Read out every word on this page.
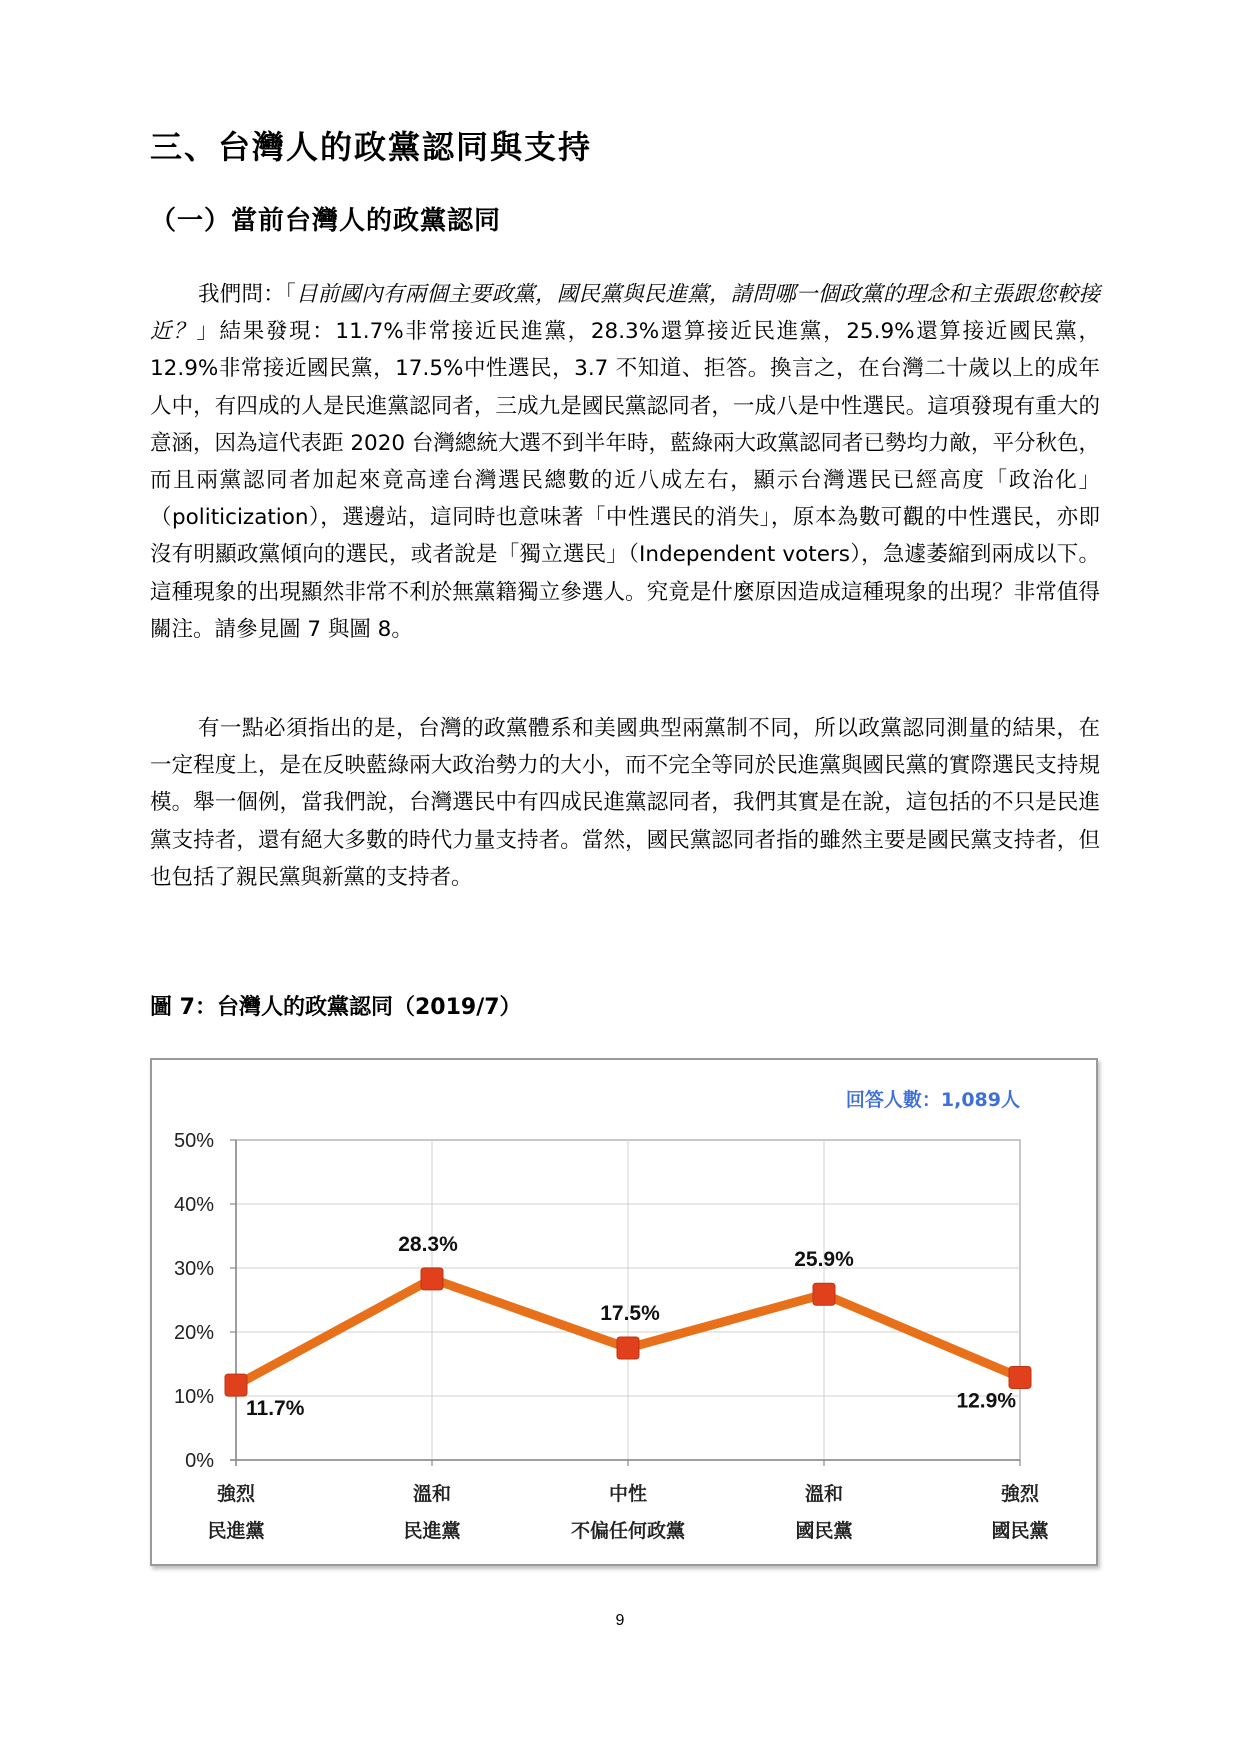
三、台灣人的政黨認同與支持
（一）當前台灣人的政黨認同

我們問：「目前國內有兩個主要政黨，國民黨與民進黨，請問哪一個政黨的理念和主張跟您較接近？」結果發現：11.7%非常接近民進黨，28.3%還算接近民進黨，25.9%還算接近國民黨，12.9%非常接近國民黨，17.5%中性選民，3.7 不知道、拒答。換言之，在台灣二十歲以上的成年人中，有四成的人是民進黨認同者，三成九是國民黨認同者，一成八是中性選民。這項發現有重大的意涵，因為這代表距 2020 台灣總統大選不到半年時，藍綠兩大政黨認同者已勢均力敵，平分秋色，而且兩黨認同者加起來竟高達台灣選民總數的近八成左右，顯示台灣選民已經高度「政治化」（politicization），選邊站，這同時也意味著「中性選民的消失」，原本為數可觀的中性選民，亦即沒有明顯政黨傾向的選民，或者說是「獨立選民」（Independent voters），急遽萎縮到兩成以下。這種現象的出現顯然非常不利於無黨籍獨立參選人。究竟是什麼原因造成這種現象的出現？非常值得關注。請參見圖 7 與圖 8。

有一點必須指出的是，台灣的政黨體系和美國典型兩黨制不同，所以政黨認同測量的結果，在一定程度上，是在反映藍綠兩大政治勢力的大小，而不完全等同於民進黨與國民黨的實際選民支持規模。舉一個例，當我們說，台灣選民中有四成民進黨認同者，我們其實是在說，這包括的不只是民進黨支持者，還有絕大多數的時代力量支持者。當然，國民黨認同者指的雖然主要是國民黨支持者，但也包括了親民黨與新黨的支持者。

圖 7：台灣人的政黨認同（2019/7）
回答人數：1,089人
0%
10%
20%
30%
40%
50%
強烈
民進黨
溫和
民進黨
中性
不偏任何政黨
溫和
國民黨
強烈
國民黨
11.7%
28.3%
17.5%
25.9%
12.9%
9
